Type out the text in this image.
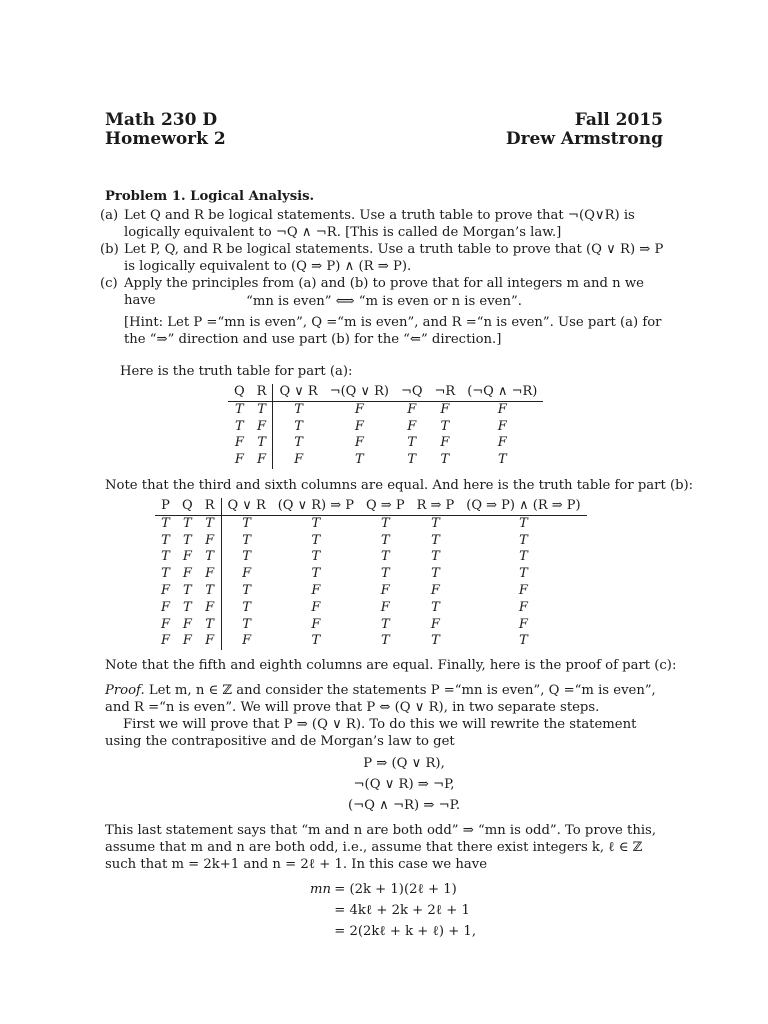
Math 230 D
Homework 2
Fall 2015
Drew Armstrong
Problem 1. Logical Analysis.
(a) Let Q and R be logical statements. Use a truth table to prove that ¬(Q∨R) is logically equivalent to ¬Q ∧ ¬R. [This is called de Morgan’s law.]
(b) Let P, Q, and R be logical statements. Use a truth table to prove that (Q ∨ R) ⇒ P is logically equivalent to (Q ⇒ P) ∧ (R ⇒ P).
(c) Apply the principles from (a) and (b) to prove that for all integers m and n we have	“mn is even” ⟺ “m is even or n is even”.
[Hint: Let P =“mn is even”, Q =“m is even”, and R =“n is even”. Use part (a) for the “⇒” direction and use part (b) for the “⇐” direction.]
Here is the truth table for part (a):
Q	R	Q ∨ R	¬(Q ∨ R)	¬Q	¬R	(¬Q ∧ ¬R)
T	T	T	F	F	F	F
T	F	T	F	F	T	F
F	T	T	F	T	F	F
F	F	F	T	T	T	T
Note that the third and sixth columns are equal. And here is the truth table for part (b):
P	Q	R	Q ∨ R	(Q ∨ R) ⇒ P	Q ⇒ P	R ⇒ P	(Q ⇒ P) ∧ (R ⇒ P)
T	T	T	T	T	T	T	T
T	T	F	T	T	T	T	T
T	F	T	T	T	T	T	T
T	F	F	F	T	T	T	T
F	T	T	T	F	F	F	F
F	T	F	T	F	F	T	F
F	F	T	T	F	T	F	F
F	F	F	F	T	T	T	T
Note that the fifth and eighth columns are equal. Finally, here is the proof of part (c):
Proof. Let m, n ∈ ℤ and consider the statements P =“mn is even”, Q =“m is even”, and R =“n is even”. We will prove that P ⇔ (Q ∨ R), in two separate steps.
First we will prove that P ⇒ (Q ∨ R). To do this we will rewrite the statement using the contrapositive and de Morgan’s law to get
P ⇒ (Q ∨ R),
¬(Q ∨ R) ⇒ ¬P,
(¬Q ∧ ¬R) ⇒ ¬P.
This last statement says that “m and n are both odd” ⇒ “mn is odd”. To prove this, assume that m and n are both odd, i.e., assume that there exist integers k, ℓ ∈ ℤ such that m = 2k+1 and n = 2ℓ + 1. In this case we have
mn = (2k + 1)(2ℓ + 1)
= 4kℓ + 2k + 2ℓ + 1
= 2(2kℓ + k + ℓ) + 1,
